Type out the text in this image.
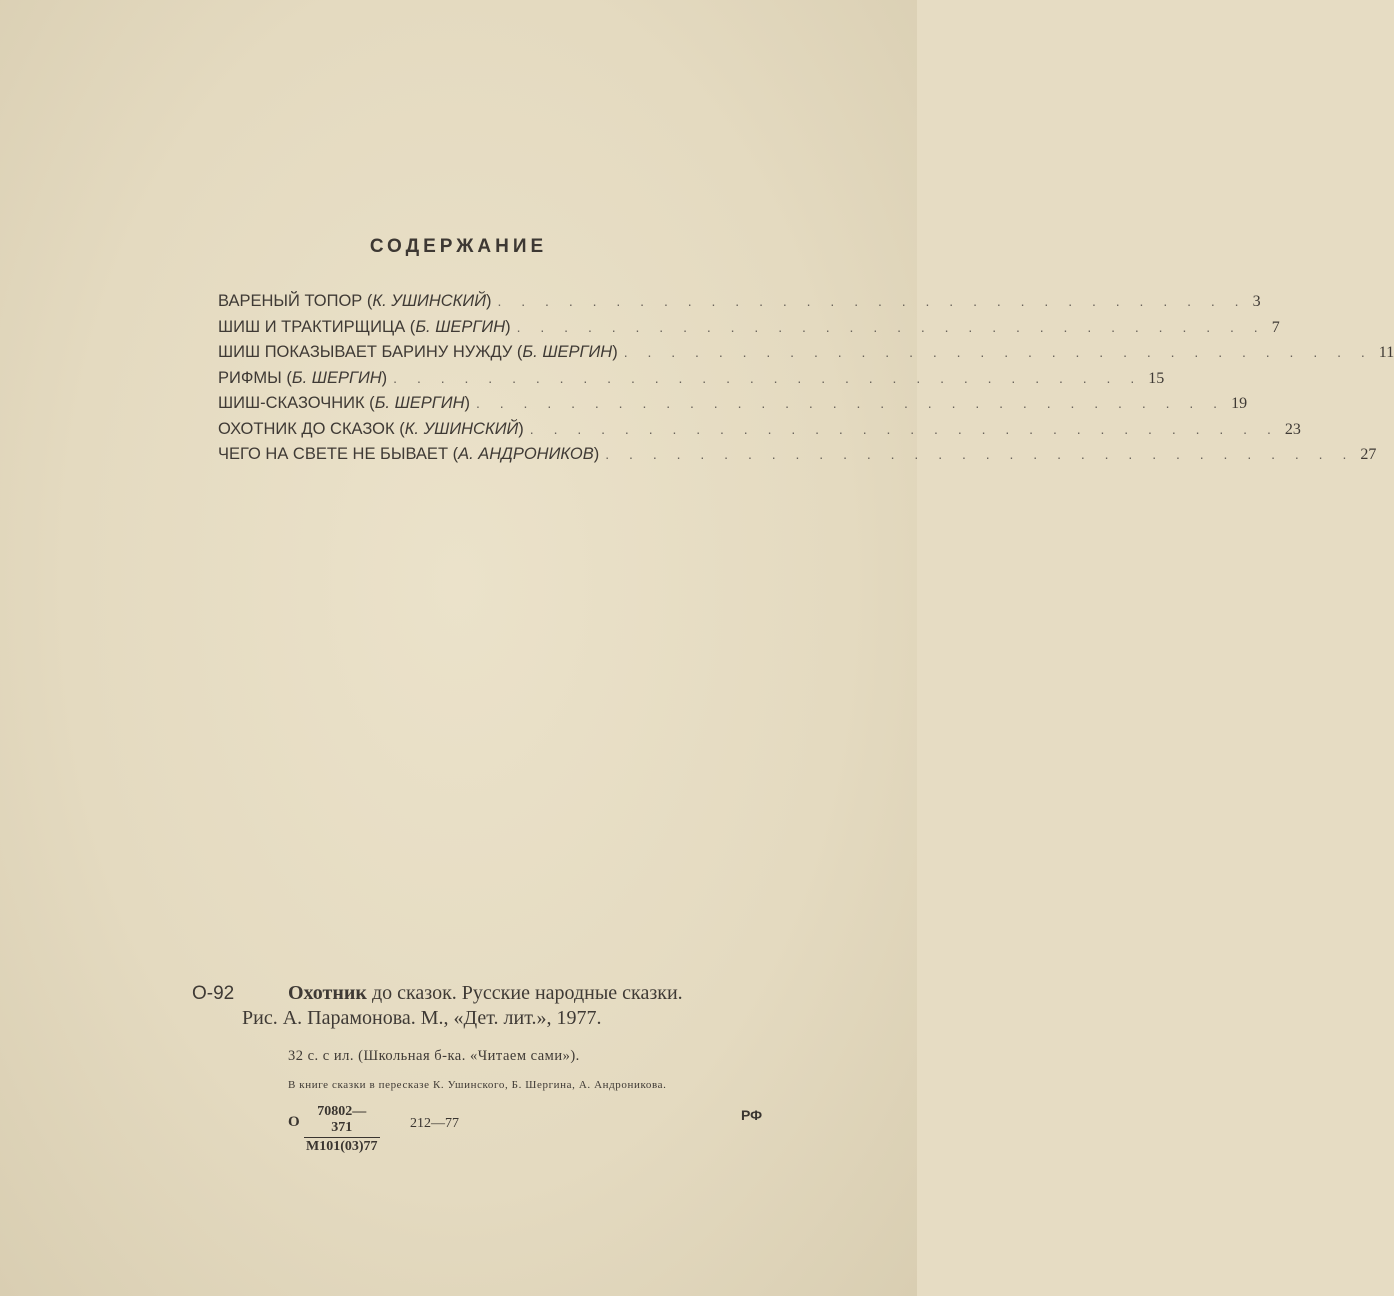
СОДЕРЖАНИЕ
ВАРЕНЫЙ ТОПОР (К. УШИНСКИЙ) . . . . . . . . . . . . . . . . . . . . . . . . . . . . . . . . 3
ШИШ И ТРАКТИРЩИЦА (Б. ШЕРГИН) . . . . . . . . . . . . . . . . . . . . . . . . . . . . . . . . 7
ШИШ ПОКАЗЫВАЕТ БАРИНУ НУЖДУ (Б. ШЕРГИН) . . . . . . . . . . . . . . . . . . . . . . . . . . . . . . . . 11
РИФМЫ (Б. ШЕРГИН) . . . . . . . . . . . . . . . . . . . . . . . . . . . . . . . . 15
ШИШ-СКАЗОЧНИК (Б. ШЕРГИН) . . . . . . . . . . . . . . . . . . . . . . . . . . . . . . . . 19
ОХОТНИК ДО СКАЗОК (К. УШИНСКИЙ) . . . . . . . . . . . . . . . . . . . . . . . . . . . . . . . . 23
ЧЕГО НА СВЕТЕ НЕ БЫВАЕТ (А. АНДРОНИКОВ) . . . . . . . . . . . . . . . . . . . . . . . . . . . . . . . . 27
О-92	Охотник до сказок. Русские народные сказки.
Рис. А. Парамонова. М., «Дет. лит.», 1977.
32 с. с ил. (Школьная б-ка. «Читаем сами»).
В книге сказки в пересказе К. Ушинского, Б. Шергина, А. Андроникова.
О
70802—371
М101(03)77
212—77
РФ
